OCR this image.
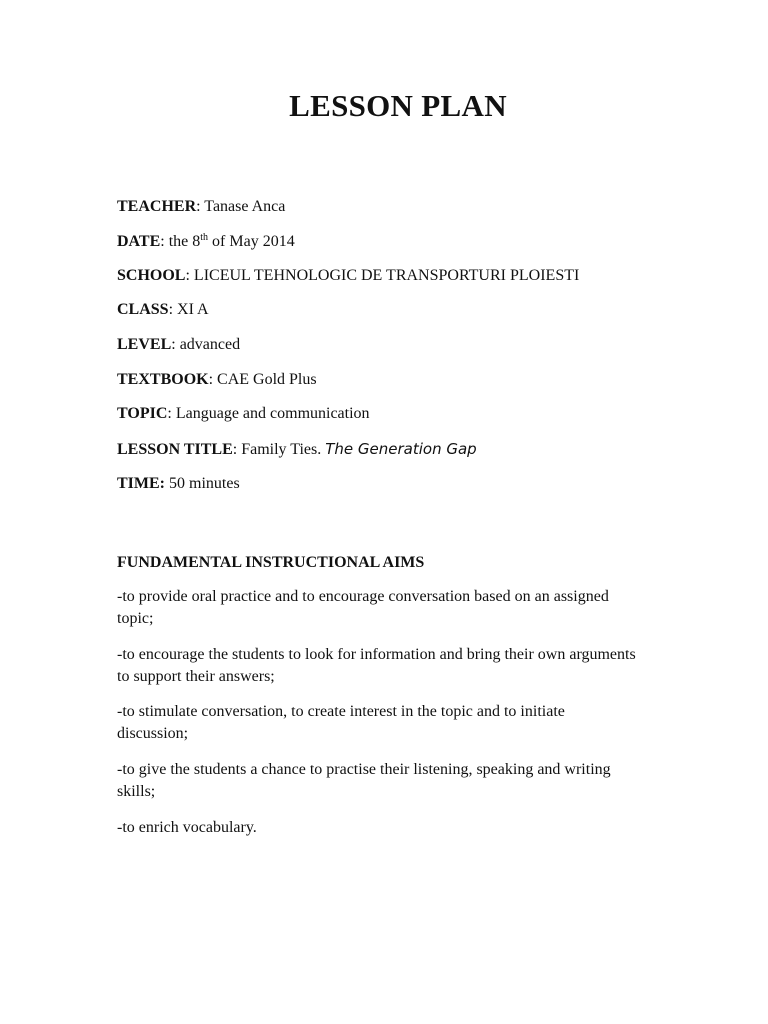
LESSON PLAN
TEACHER: Tanase Anca
DATE: the 8th of May 2014
SCHOOL: LICEUL TEHNOLOGIC DE TRANSPORTURI PLOIESTI
CLASS: XI A
LEVEL: advanced
TEXTBOOK: CAE Gold Plus
TOPIC: Language and communication
LESSON TITLE: Family Ties. The Generation Gap
TIME: 50 minutes
FUNDAMENTAL INSTRUCTIONAL AIMS

-to provide oral practice and to encourage conversation based on an assigned topic;

-to encourage the students to look for information and bring their own arguments to support their answers;

-to stimulate conversation, to create interest in the topic and to initiate discussion;

-to give the students a chance to practise their listening, speaking and writing skills;

-to enrich vocabulary.
